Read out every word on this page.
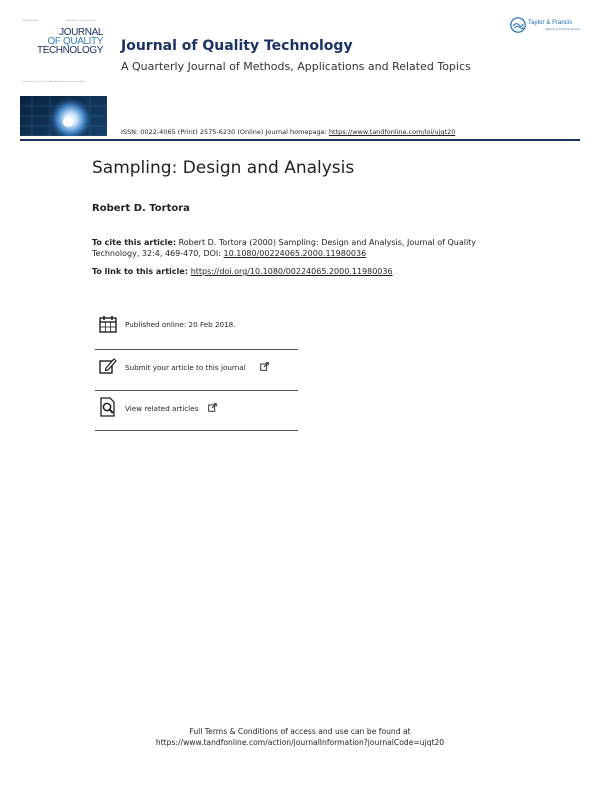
ISSN 0022-4065	Published by Taylor & Francis
JOURNAL
OF QUALITY
TECHNOLOGY
A Quarterly Journal of Methods, Applications and Related Topics
Journal of Quality Technology
A Quarterly Journal of Methods, Applications and Related Topics
ISSN: 0022-4065 (Print) 2575-6230 (Online) Journal homepage: https://www.tandfonline.com/loi/ujqt20
Taylor & Francis
Taylor & Francis Group
Sampling: Design and Analysis
Robert D. Tortora
To cite this article: Robert D. Tortora (2000) Sampling: Design and Analysis, Journal of Quality Technology, 32:4, 469-470, DOI: 10.1080/00224065.2000.11980036
To link to this article: https://doi.org/10.1080/00224065.2000.11980036
Published online: 20 Feb 2018.
Submit your article to this journal
View related articles
Full Terms & Conditions of access and use can be found at
https://www.tandfonline.com/action/journalInformation?journalCode=ujqt20
